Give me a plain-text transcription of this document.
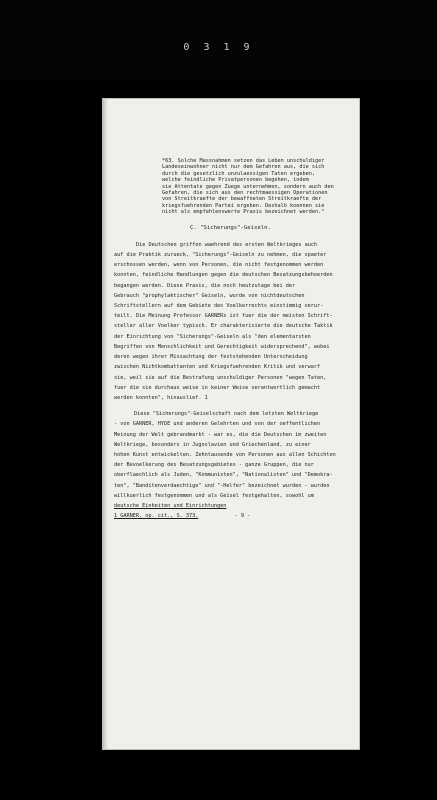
0 3 1 9
*63. Solche Massnahmen setzen das Leben unschuldiger
Landeseinwohner nicht nur dem Gefahren aus, die sich
durch die gesetzlich unzulaessigen Taten ergeben,
welche feindliche Privatpersonen begehen, indem
sie Attentate gegen Zuege unternehmen, sondern auch den
Gefahren, die sich aus den rechtmaessigen Operationen
von Streitkraefte der bewaffneten Streitkraefte der
kriegsfuehrenden Partei ergeben. Deshalb koennen sie
nicht als empfehlenswerte Praxis bezeichnet werden."
C. "Sicherungs"-Geiseln.
Die Deutschen griffen waehrend des ersten Weltkrieges auch
auf die Praktik zurueck, "Sicherungs"-Geiseln zu nehmen, die spaeter
erschossen werden, wenn von Personen, die nicht festgenommen werden
konnten, feindliche Handlungen gegen die deutschen Besatzungsbehoerden
begangen werden. Diese Praxis, die noch heutzutage bei der
Gebrauch "prophylaktischer" Geiseln, wurde von nichtdeutschen
Schriftstellern auf dem Gebiete des Voelkerrechts einstimmig verur-
teilt. Die Meinung Professor GARNERs ist fuer die der meisten Schrift-
steller aller Voelker typisch. Er charakterisierte die deutsche Taktik
der Einrichtung von "Sicherungs"-Geiseln als "den elementarsten
Begriffen von Menschlichkeit und Gerechtigkeit widersprechend", wobei
deren wegen ihrer Missachtung der feststehenden Unterscheidung
zwischen Nichtkombattanten und Kriegsfuehrenden Kritik und verwarf
sie, weil sie auf die Bestrafung unschuldiger Personen "wegen Taten,
fuer die sie durchaus weise in keiner Weise verantwortlich gemacht
werden konnten", hinauslief. 1
Diese "Sicherungs"-Geiselschaft nach dem letzten Weltkriege
- von GARNER, HYDE und anderen Gelehrten und von der oeffentlichen
Meinung der Welt gebrandmarkt - war es, die die Deutschen im zweiten
Weltkriege, besonders in Jugoslavien und Griechenland, zu einer
hohen Kunst entwickelten. Zehntausende von Personen aus allen Schichten
der Bevoelkerung des Besatzungsgebietes - ganze Gruppen, die nur
oberflaechlich als Juden, "Kommunisten", "Nationalisten" und "Demokra-
ten", "Banditenverdaechtige" und "-Helfer" bezeichnet wurden - wurden
willkuerlich festgenommen und als Geisel festgehalten, sowohl um
deutsche Einheiten und Einrichtungen
1 GARNER, op. cit., S. 373.	- 9 -
